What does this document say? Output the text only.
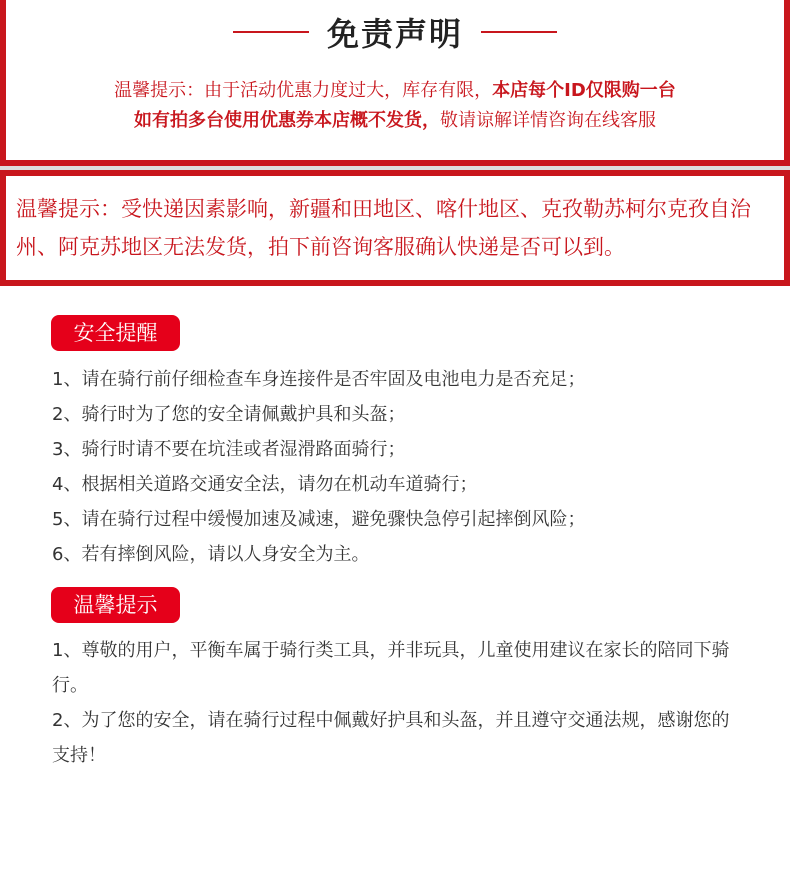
免责声明
温馨提示：由于活动优惠力度过大，库存有限，本店每个ID仅限购一台
如有拍多台使用优惠券本店概不发货，敬请谅解详情咨询在线客服
温馨提示：受快递因素影响，新疆和田地区、喀什地区、克孜勒苏柯尔克孜自治州、阿克苏地区无法发货，拍下前咨询客服确认快递是否可以到。
安全提醒
1、请在骑行前仔细检查车身连接件是否牢固及电池电力是否充足；
2、骑行时为了您的安全请佩戴护具和头盔；
3、骑行时请不要在坑洼或者湿滑路面骑行；
4、根据相关道路交通安全法，请勿在机动车道骑行；
5、请在骑行过程中缓慢加速及减速，避免骤快急停引起摔倒风险；
6、若有摔倒风险，请以人身安全为主。
温馨提示
1、尊敬的用户，平衡车属于骑行类工具，并非玩具，儿童使用建议在家长的陪同下骑行。
2、为了您的安全，请在骑行过程中佩戴好护具和头盔，并且遵守交通法规，感谢您的支持！
